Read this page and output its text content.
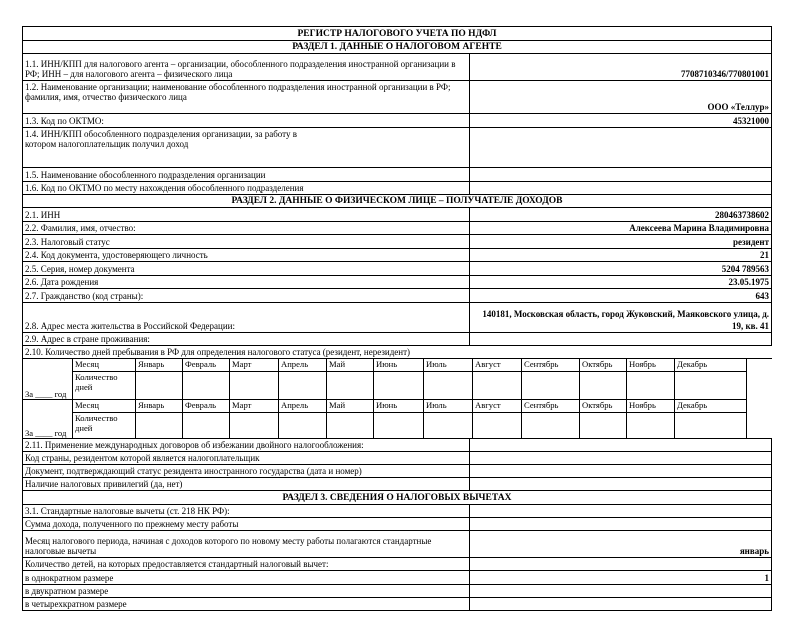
РЕГИСТР НАЛОГОВОГО УЧЕТА ПО НДФЛ	
РАЗДЕЛ 1. ДАННЫЕ О НАЛОГОВОМ АГЕНТЕ	
1.1. ИНН/КПП для налогового агента – организации, обособленного подразделения иностранной организации в РФ; ИНН – для налогового агента – физического лица	7708710346/770801001
1.2. Наименование организации; наименование обособленного подразделения иностранной организации в РФ; фамилия, имя, отчество физического лица	ООО «Теллур»
1.3. Код по ОКТМО:	45321000
1.4. ИНН/КПП обособленного подразделения организации, за работу в котором налогоплательщик получил доход	
1.5. Наименование обособленного подразделения организации	
1.6. Код по ОКТМО по месту нахождения обособленного подразделения	
РАЗДЕЛ 2. ДАННЫЕ О ФИЗИЧЕСКОМ ЛИЦЕ – ПОЛУЧАТЕЛЕ ДОХОДОВ	
2.1. ИНН	280463738602
2.2. Фамилия, имя, отчество:	Алексеева Марина Владимировна
2.3. Налоговый статус	резидент
2.4. Код документа, удостоверяющего личность	21
2.5. Серия, номер документа	5204 789563
2.6. Дата рождения	23.05.1975
2.7. Гражданство (код страны):	643
2.8. Адрес места жительства в Российской Федерации:	140181, Московская область, город Жуковский, Маяковского улица, д. 19, кв. 41
2.9. Адрес в стране проживания:	
2.10. Количество дней пребывания в РФ для определения налогового статуса (резидент, нерезидент)	
За ____ год	Месяц	Январь	Февраль	Март	Апрель	Май	Июнь	Июль	Август	Сентябрь	Октябрь	Ноябрь	Декабрь
	Количество дней												
За ____ год	Месяц	Январь	Февраль	Март	Апрель	Май	Июнь	Июль	Август	Сентябрь	Октябрь	Ноябрь	Декабрь
	Количество дней												
2.11. Применение международных договоров об избежании двойного налогообложения:	
Код страны, резидентом которой является налогоплательщик	
Документ, подтверждающий статус резидента иностранного государства (дата и номер)	
Наличие налоговых привилегий (да, нет)	
РАЗДЕЛ 3. СВЕДЕНИЯ О НАЛОГОВЫХ ВЫЧЕТАХ	
3.1. Стандартные налоговые вычеты (ст. 218 НК РФ):	
Сумма дохода, полученного по прежнему месту работы	
Месяц налогового периода, начиная с доходов которого по новому месту работы полагаются стандартные налоговые вычеты	январь
Количество детей, на которых предоставляется стандартный налоговый вычет:	
в однократном размере	1
в двукратном размере	
в четырехкратном размере	
